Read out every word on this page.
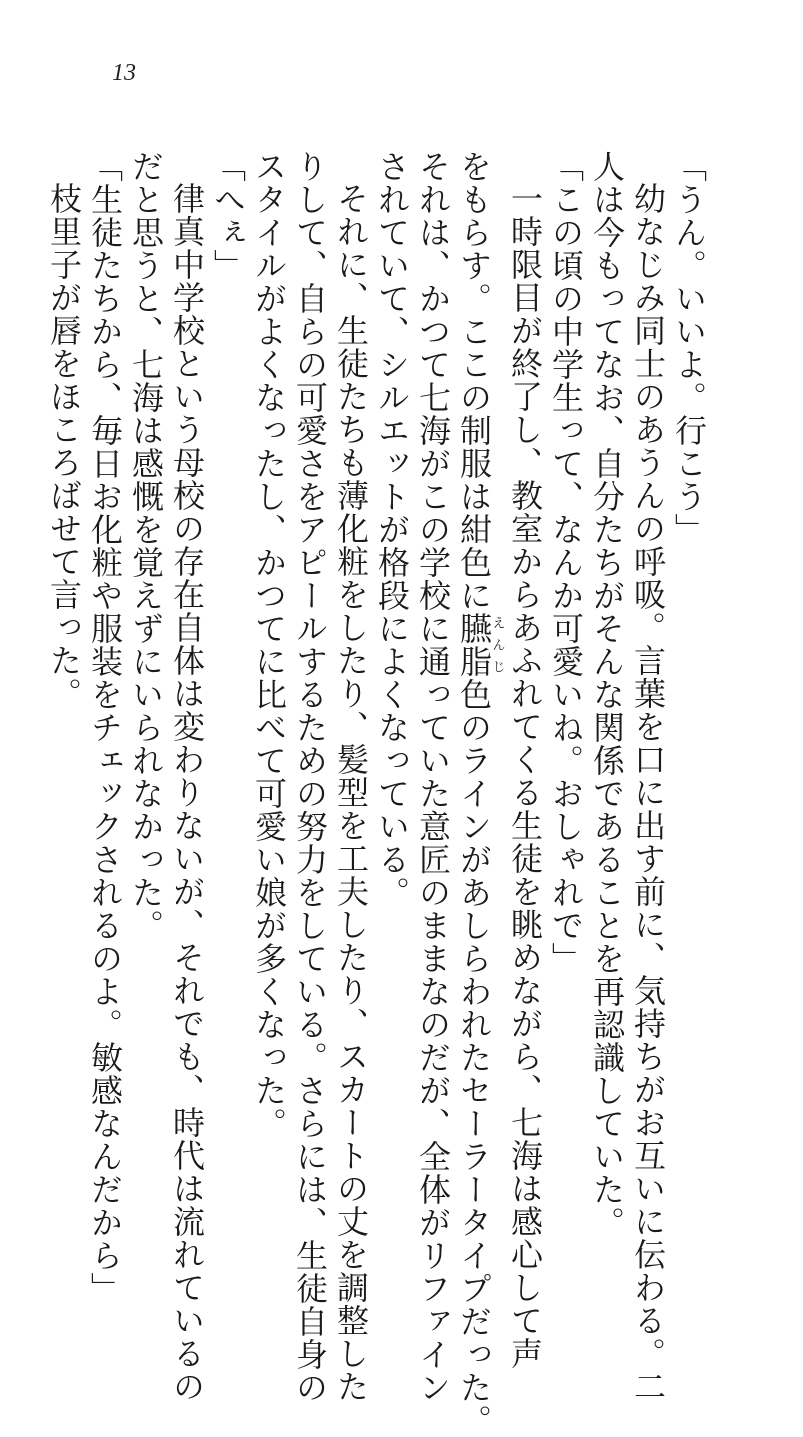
13

「うん。いいよ。行こう」

幼なじみ同士のあうんの呼吸。言葉を口に出す前に、気持ちがお互いに伝わる。二

人は今もってなお、自分たちがそんな関係であることを再認識していた。

「この頃の中学生って、なんか可愛いね。おしゃれで」

一時限目が終了し、教室からあふれてくる生徒を眺めながら、七海は感心して声

をもらす。ここの制服は紺色に臙脂えんじ色のラインがあしらわれたセーラータイプだった。

それは、かつて七海がこの学校に通っていた意匠のままなのだが、全体がリファイン

されていて、シルエットが格段によくなっている。

それに、生徒たちも薄化粧をしたり、髪型を工夫したり、スカートの丈を調整した

りして、自らの可愛さをアピールするための努力をしている。さらには、生徒自身の

スタイルがよくなったし、かつてに比べて可愛い娘が多くなった。

「へぇ」

律真中学校という母校の存在自体は変わりないが、それでも、時代は流れているの

だと思うと、七海は感慨を覚えずにいられなかった。

「生徒たちから、毎日お化粧や服装をチェックされるのよ。敏感なんだから」

枝里子が唇をほころばせて言った。
